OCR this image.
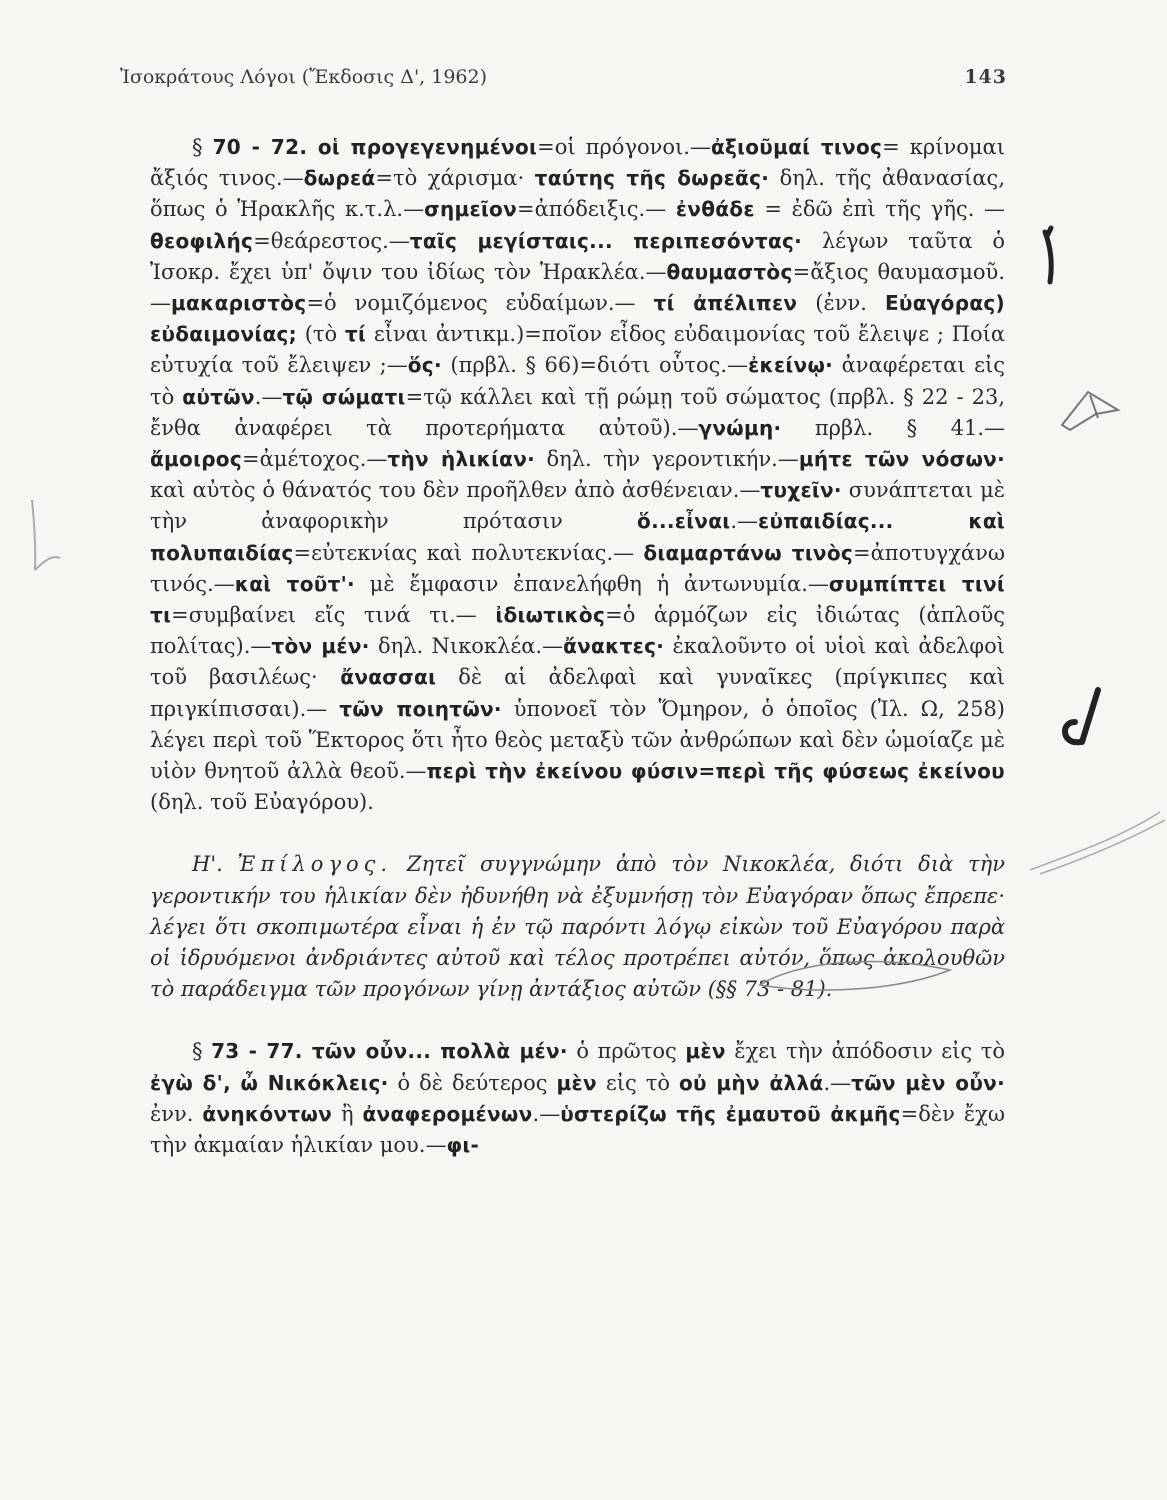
Ἰσοκράτους Λόγοι (Ἔκδοσις Δ', 1962)	143

§ 70 - 72. οἱ προγεγενημένοι=οἱ πρόγονοι.—ἀξιοῦμαί τινος= κρίνομαι ἄξιός τινος.—δωρεά=τὸ χάρισμα· ταύτης τῆς δωρεᾶς· δηλ. τῆς ἀθανασίας, ὅπως ὁ Ἡρακλῆς κ.τ.λ.—σημεῖον=ἀπόδειξις.— ἐνθάδε = ἐδῶ ἐπὶ τῆς γῆς. — θεοφιλής=θεάρεστος.—ταῖς μεγίσταις... περιπεσόντας· λέγων ταῦτα ὁ Ἰσοκρ. ἔχει ὑπ' ὄψιν του ἰδίως τὸν Ἡρακλέα.—θαυμαστὸς=ἄξιος θαυμασμοῦ.—μακαριστὸς=ὁ νομιζόμενος εὐδαίμων.— τί ἀπέλιπεν (ἐνν. Εὐαγόρας) εὐδαιμονίας; (τὸ τί εἶναι ἀντικμ.)=ποῖον εἶδος εὐδαιμονίας τοῦ ἔλειψε ; Ποία εὐτυχία τοῦ ἔλειψεν ;—ὅς· (πρβλ. § 66)=διότι οὗτος.—ἐκείνῳ· ἀναφέρεται εἰς τὸ αὐτῶν.—τῷ σώματι=τῷ κάλλει καὶ τῇ ρώμῃ τοῦ σώματος (πρβλ. § 22 - 23, ἔνθα ἀναφέρει τὰ προτερήματα αὐτοῦ).—γνώμη· πρβλ. § 41.—ἄμοιρος=ἀμέτοχος.—τὴν ἡλικίαν· δηλ. τὴν γεροντικήν.—μήτε τῶν νόσων· καὶ αὐτὸς ὁ θάνατός του δὲν προῆλθεν ἀπὸ ἀσθένειαν.—τυχεῖν· συνάπτεται μὲ τὴν ἀναφορικὴν πρότασιν ὅ...εἶναι.—εὐπαιδίας... καὶ πολυπαιδίας=εὐτεκνίας καὶ πολυτεκνίας.— διαμαρτάνω τινὸς=ἀποτυγχάνω τινός.—καὶ τοῦτ'· μὲ ἔμφασιν ἐπανελήφθη ἡ ἀντωνυμία.—συμπίπτει τινί τι=συμβαίνει εἴς τινά τι.— ἰδιωτικὸς=ὁ ἁρμόζων εἰς ἰδιώτας (ἁπλοῦς πολίτας).—τὸν μέν· δηλ. Νικοκλέα.—ἄνακτες· ἐκαλοῦντο οἱ υἱοὶ καὶ ἀδελφοὶ τοῦ βασιλέως· ἄνασσαι δὲ αἱ ἀδελφαὶ καὶ γυναῖκες (πρίγκιπες καὶ πριγκίπισσαι).— τῶν ποιητῶν· ὑπονοεῖ τὸν Ὅμηρον, ὁ ὁποῖος (Ἰλ. Ω, 258) λέγει περὶ τοῦ Ἕκτορος ὅτι ἦτο θεὸς μεταξὺ τῶν ἀνθρώπων καὶ δὲν ὡμοίαζε μὲ υἱὸν θνητοῦ ἀλλὰ θεοῦ.—περὶ τὴν ἐκείνου φύσιν=περὶ τῆς φύσεως ἐκείνου (δηλ. τοῦ Εὐαγόρου).

Η'. Ἐπίλογος. Ζητεῖ συγγνώμην ἀπὸ τὸν Νικοκλέα, διότι διὰ τὴν γεροντικήν του ἡλικίαν δὲν ἠδυνήθη νὰ ἐξυμνήσῃ τὸν Εὐαγόραν ὅπως ἔπρεπε· λέγει ὅτι σκοπιμωτέρα εἶναι ἡ ἐν τῷ παρόντι λόγῳ εἰκὼν τοῦ Εὐαγόρου παρὰ οἱ ἱδρυόμενοι ἀνδριάντες αὐτοῦ καὶ τέλος προτρέπει αὐτόν, ὅπως ἀκολουθῶν τὸ παράδειγμα τῶν προγόνων γίνῃ ἀντάξιος αὐτῶν (§§ 73 - 81).

§ 73 - 77. τῶν οὖν... πολλὰ μέν· ὁ πρῶτος μὲν ἔχει τὴν ἀπόδοσιν εἰς τὸ ἐγὼ δ', ὦ Νικόκλεις· ὁ δὲ δεύτερος μὲν εἰς τὸ οὐ μὴν ἀλλά.—τῶν μὲν οὖν· ἐνν. ἀνηκόντων ἢ ἀναφερομένων.—ὑστερίζω τῆς ἐμαυτοῦ ἀκμῆς=δὲν ἔχω τὴν ἀκμαίαν ἡλικίαν μου.—φι-
